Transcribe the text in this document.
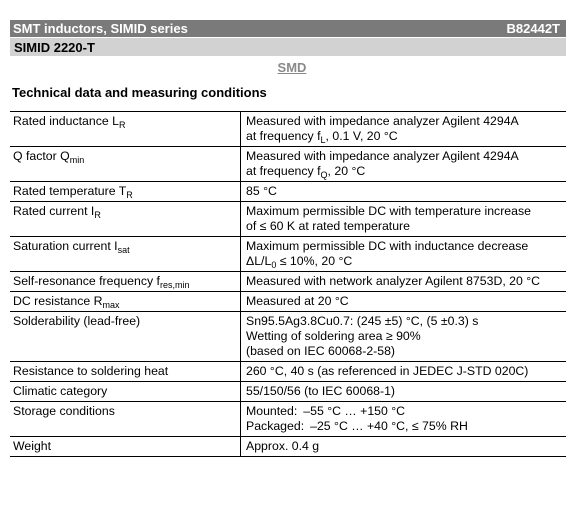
SMT inductors, SIMID series	B82442T
SIMID 2220-T
SMD
Technical data and measuring conditions
Rated inductance $L_R$	Measured with impedance analyzer Agilent 4294A
at frequency $f_L$, 0.1 V, 20 °C

Q factor $Q_{min}$	Measured with impedance analyzer Agilent 4294A
at frequency $f_Q$, 20 °C

Rated temperature $T_R$	85 °C

Rated current $I_R$	Maximum permissible DC with temperature increase
of ≤ 60 K at rated temperature

Saturation current $I_{sat}$	Maximum permissible DC with inductance decrease
$\Delta L/L_0 \le 10\%$, 20 °C

Self-resonance frequency $f_{res,min}$	Measured with network analyzer Agilent 8753D, 20 °C

DC resistance $R_{max}$	Measured at 20 °C

Solderability (lead-free)	Sn95.5Ag3.8Cu0.7: (245 ±5) °C, (5 ±0.3) s
Wetting of soldering area ≥ 90%
(based on IEC 60068-2-58)

Resistance to soldering heat	260 °C, 40 s (as referenced in JEDEC J-STD 020C)

Climatic category	55/150/56 (to IEC 60068-1)

Storage conditions	Mounted: –55 °C … +150 °C
Packaged: –25 °C … +40 °C, ≤ 75% RH

Weight	Approx. 0.4 g
